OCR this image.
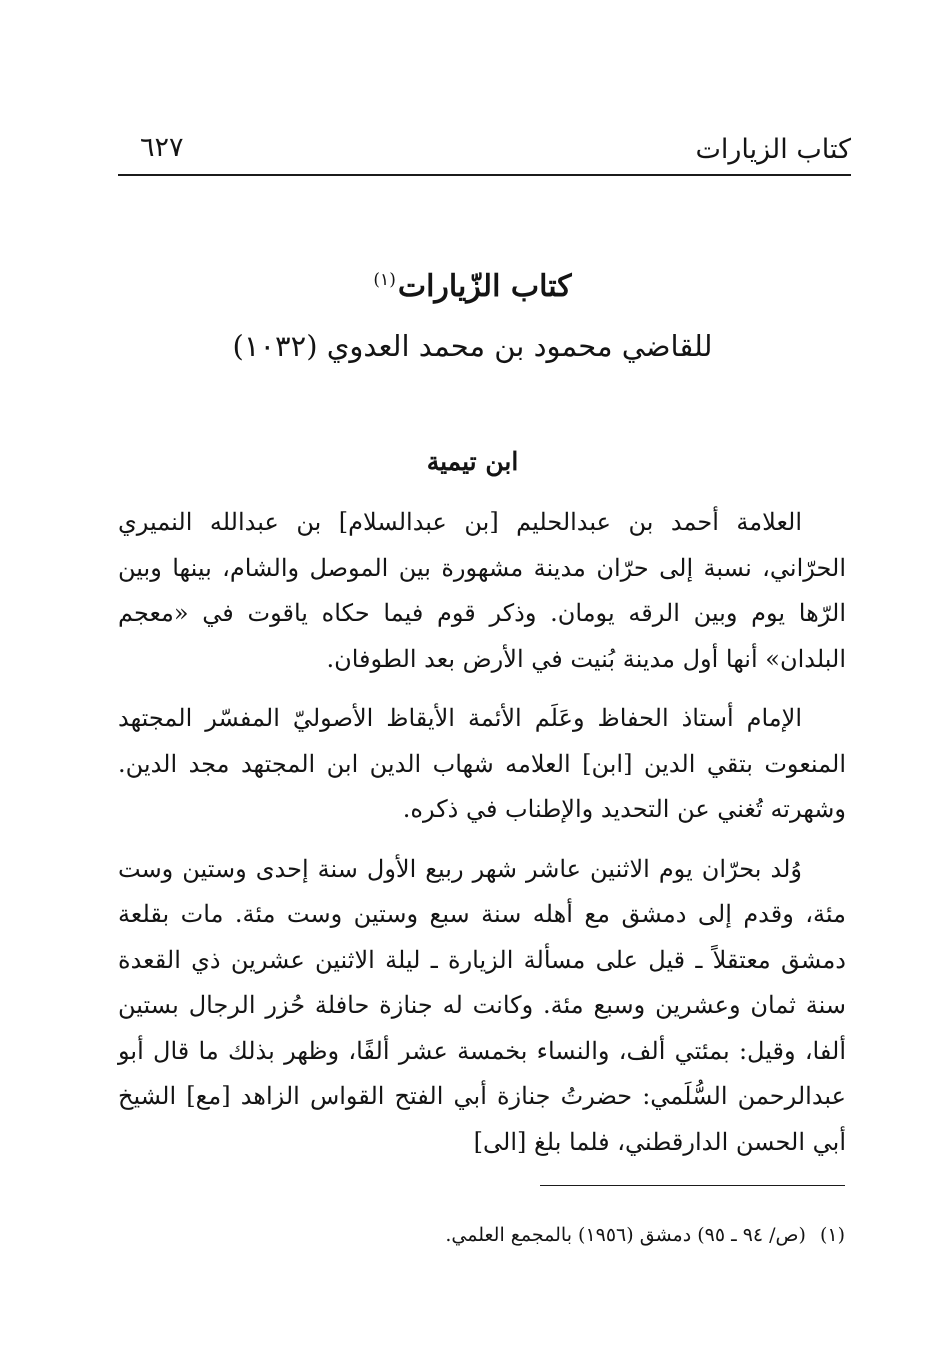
كتاب الزيارات
٦٢٧
كتاب الزّيارات$^{(١)}$
للقاضي محمود بن محمد العدوي (١٠٣٢)
ابن تيمية

العلامة أحمد بن عبدالحليم [بن عبدالسلام] بن عبدالله النميري الحرّاني، نسبة إلى حرّان مدينة مشهورة بين الموصل والشام، بينها وبين الرّها يوم وبين الرقه يومان. وذكر قوم فيما حكاه ياقوت في «معجم البلدان» أنها أول مدينة بُنيت في الأرض بعد الطوفان.

الإمام أستاذ الحفاظ وعَلَم الأئمة الأيقاظ الأصوليّ المفسّر المجتهد المنعوت بتقي الدين [ابن] العلامه شهاب الدين ابن المجتهد مجد الدين. وشهرته تُغني عن التحديد والإطناب في ذكره.

وُلد بحرّان يوم الاثنين عاشر شهر ربيع الأول سنة إحدى وستين وست مئة، وقدم إلى دمشق مع أهله سنة سبع وستين وست مئة. مات بقلعة دمشق معتقلاً ـ قيل على مسألة الزيارة ـ ليلة الاثنين عشرين ذي القعدة سنة ثمان وعشرين وسبع مئة. وكانت له جنازة حافلة حُزر الرجال بستين ألفا، وقيل: بمئتي ألف، والنساء بخمسة عشر ألفًا، وظهر بذلك ما قال أبو عبدالرحمن السُّلَمي: حضرتُ جنازة أبي الفتح القواس الزاهد [مع] الشيخ أبي الحسن الدارقطني، فلما بلغ [الى]

(١)(ص/ ٩٤ ـ ٩٥) دمشق (١٩٥٦) بالمجمع العلمي.
